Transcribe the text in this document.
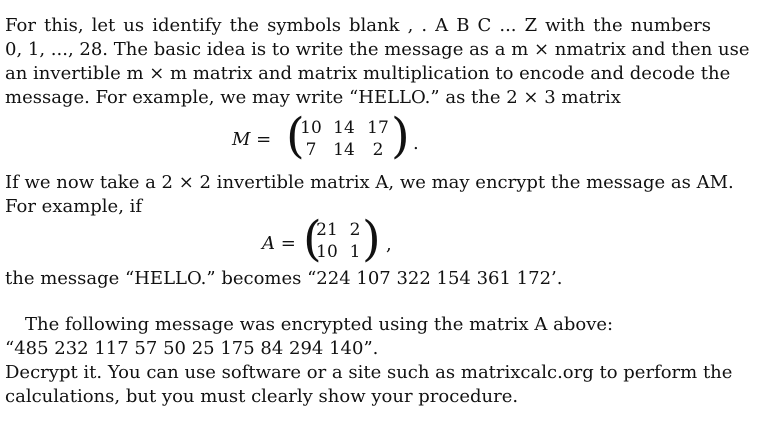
For this, let us identify the symbols blank , . A B C ... Z with the numbers
0, 1, ..., 28. The basic idea is to write the message as a m × nmatrix and then use
an invertible m × m matrix and matrix multiplication to encode and decode the
message. For example, we may write “HELLO.” as the 2 × 3 matrix
M = (
10 14 17
7 14	2 ) .
If we now take a 2 × 2 invertible matrix A, we may encrypt the message as AM.
For example, if
A = (
21 2
10 1 ) ,
the message “HELLO.” becomes “224 107 322 154 361 172’.
The following message was encrypted using the matrix A above:
“485 232 117 57 50 25 175 84 294 140”.
Decrypt it. You can use software or a site such as matrixcalc.org to perform the
calculations, but you must clearly show your procedure.
